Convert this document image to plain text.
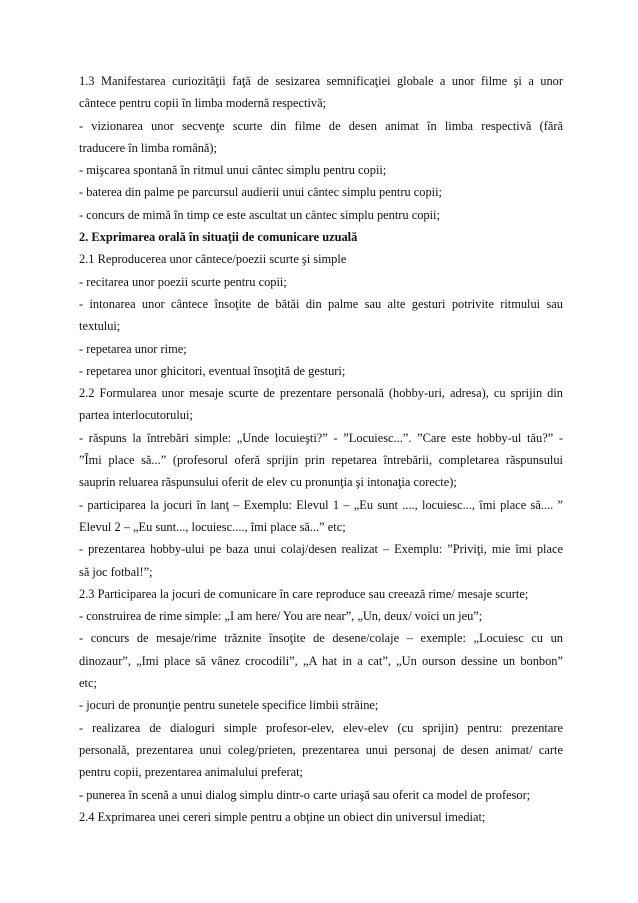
1.3 Manifestarea curiozităţii faţă de sesizarea semnificaţiei globale a unor filme şi a unor
cântece pentru copii în limba modernă respectivă;
- vizionarea unor secvenţe scurte din filme de desen animat în limba respectivă (fără
traducere în limba română);
- mişcarea spontană în ritmul unui cântec simplu pentru copii;
- baterea din palme pe parcursul audierii unui cântec simplu pentru copii;
- concurs de mimă în timp ce este ascultat un cântec simplu pentru copii;
2. Exprimarea orală în situaţii de comunicare uzuală
2.1 Reproducerea unor cântece/poezii scurte şi simple
- recitarea unor poezii scurte pentru copii;
- intonarea unor cântece însoţite de bătăi din palme sau alte gesturi potrivite ritmului sau
textului;
- repetarea unor rime;
- repetarea unor ghicitori, eventual însoţită de gesturi;
2.2 Formularea unor mesaje scurte de prezentare personală (hobby-uri, adresa), cu sprijin din
partea interlocutorului;
- răspuns la întrebări simple: „Unde locuieşti?” - ”Locuiesc...”. ”Care este hobby-ul tău?” -
”Îmi place să...” (profesorul oferă sprijin prin repetarea întrebării, completarea răspunsului
sauprin reluarea răspunsului oferit de elev cu pronunţia şi intonaţia corecte);
- participarea la jocuri în lanţ – Exemplu: Elevul 1 – „Eu sunt ...., locuiesc..., îmi place să.... ”
Elevul 2 – „Eu sunt..., locuiesc...., îmi place să...” etc;
- prezentarea hobby-ului pe baza unui colaj/desen realizat – Exemplu: ”Priviţi, mie îmi place
să joc fotbal!”;
2.3 Participarea la jocuri de comunicare în care reproduce sau creează rime/ mesaje scurte;
- construirea de rime simple: „I am here/ You are near”, „Un, deux/ voici un jeu”;
- concurs de mesaje/rime trăznite însoţite de desene/colaje – exemple: „Locuiesc cu un
dinozaur”, „Imi place să vânez crocodili”, „A hat in a cat”, „Un ourson dessine un bonbon”
etc;
- jocuri de pronunţie pentru sunetele specifice limbii străine;
- realizarea de dialoguri simple profesor-elev, elev-elev (cu sprijin) pentru: prezentare
personală, prezentarea unui coleg/prieten, prezentarea unui personaj de desen animat/ carte
pentru copii, prezentarea animalului preferat;
- punerea în scenă a unui dialog simplu dintr-o carte uriaşă sau oferit ca model de profesor;
2.4 Exprimarea unei cereri simple pentru a obţine un obiect din universul imediat;
